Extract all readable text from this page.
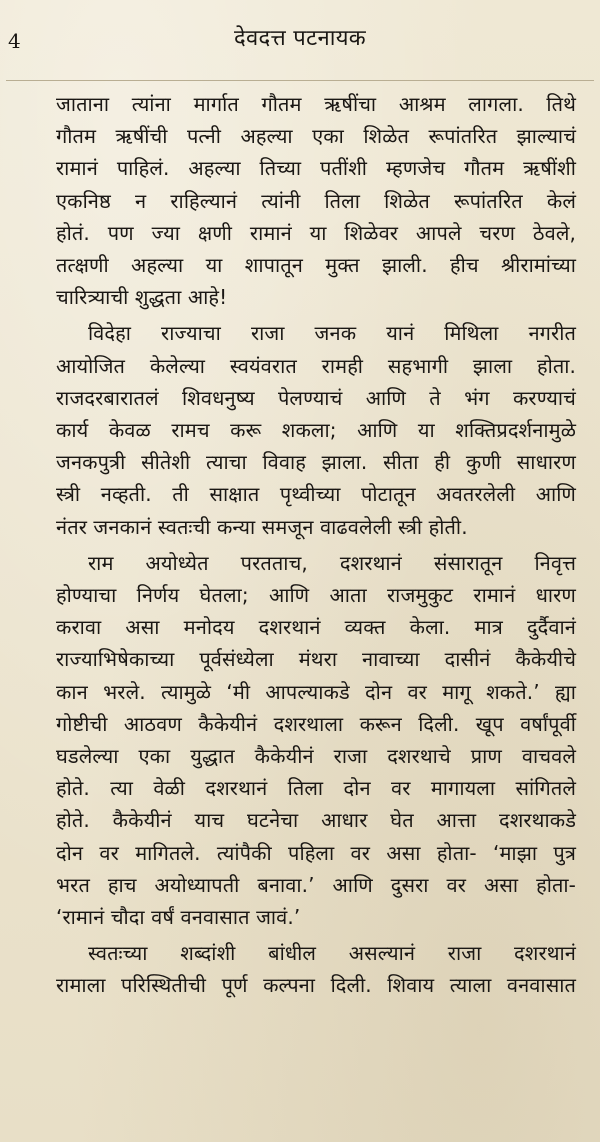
4	देवदत्त पटनायक
जाताना त्यांना मार्गात गौतम ऋषींचा आश्रम लागला. तिथे
गौतम ऋषींची पत्नी अहल्या एका शिळेत रूपांतरित झाल्याचं
रामानं पाहिलं. अहल्या तिच्या पतींशी म्हणजेच गौतम ऋषींशी
एकनिष्ठ न राहिल्यानं त्यांनी तिला शिळेत रूपांतरित केलं
होतं. पण ज्या क्षणी रामानं या शिळेवर आपले चरण ठेवले,
तत्क्षणी अहल्या या शापातून मुक्त झाली. हीच श्रीरामांच्या
चारित्र्याची शुद्धता आहे!
विदेहा राज्याचा राजा जनक यानं मिथिला नगरीत
आयोजित केलेल्या स्वयंवरात रामही सहभागी झाला होता.
राजदरबारातलं शिवधनुष्य पेलण्याचं आणि ते भंग करण्याचं
कार्य केवळ रामच करू शकला; आणि या शक्तिप्रदर्शनामुळे
जनकपुत्री सीतेशी त्याचा विवाह झाला. सीता ही कुणी साधारण
स्त्री नव्हती. ती साक्षात पृथ्वीच्या पोटातून अवतरलेली आणि
नंतर जनकानं स्वतःची कन्या समजून वाढवलेली स्त्री होती.
राम अयोध्येत परतताच, दशरथानं संसारातून निवृत्त
होण्याचा निर्णय घेतला; आणि आता राजमुकुट रामानं धारण
करावा असा मनोदय दशरथानं व्यक्त केला. मात्र दुर्दैवानं
राज्याभिषेकाच्या पूर्वसंध्येला मंथरा नावाच्या दासीनं कैकेयीचे
कान भरले. त्यामुळे ‘मी आपल्याकडे दोन वर मागू शकते.’ ह्या
गोष्टीची आठवण कैकेयीनं दशरथाला करून दिली. खूप वर्षांपूर्वी
घडलेल्या एका युद्धात कैकेयीनं राजा दशरथाचे प्राण वाचवले
होते. त्या वेळी दशरथानं तिला दोन वर मागायला सांगितले
होते. कैकेयीनं याच घटनेचा आधार घेत आत्ता दशरथाकडे
दोन वर मागितले. त्यांपैकी पहिला वर असा होता- ‘माझा पुत्र
भरत हाच अयोध्यापती बनावा.’ आणि दुसरा वर असा होता-
‘रामानं चौदा वर्षं वनवासात जावं.’
स्वतःच्या शब्दांशी बांधील असल्यानं राजा दशरथानं
रामाला परिस्थितीची पूर्ण कल्पना दिली. शिवाय त्याला वनवासात
